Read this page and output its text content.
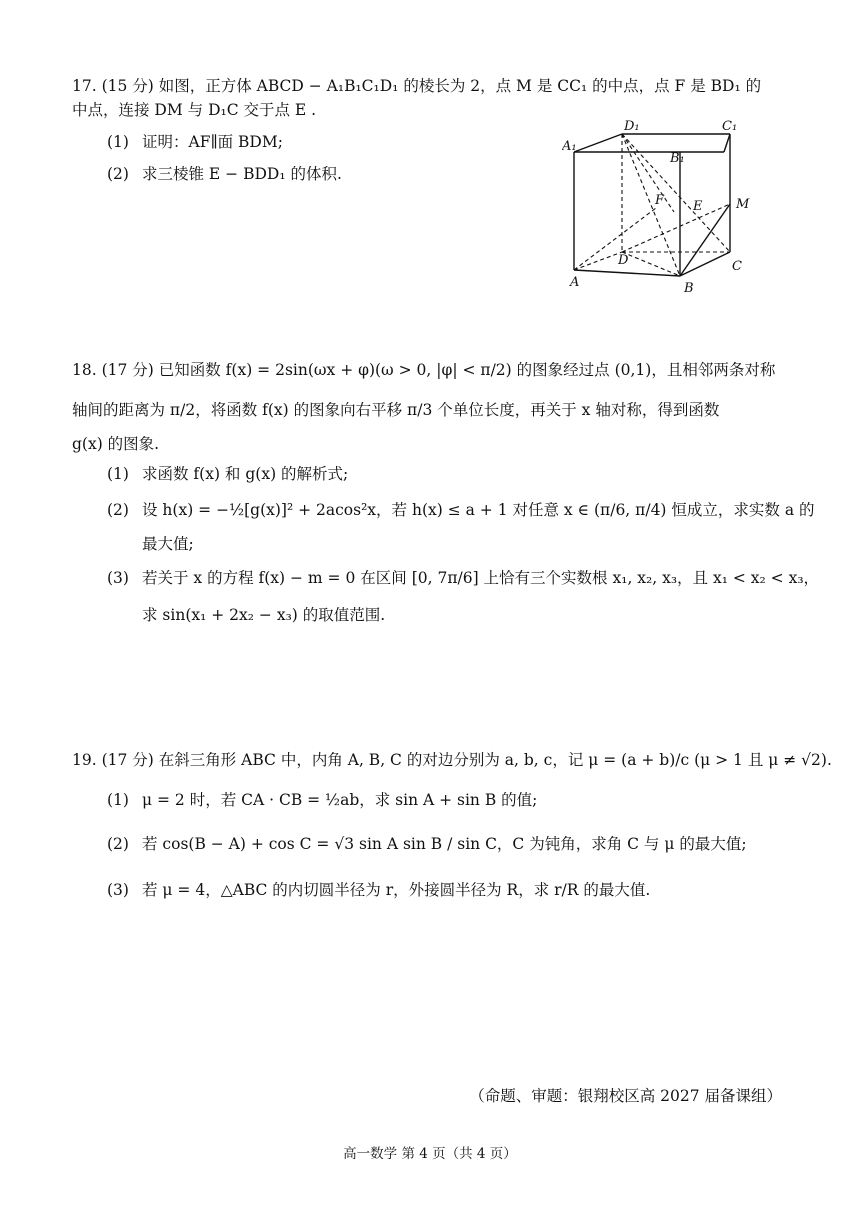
17. (15 分) 如图，正方体 ABCD − A₁B₁C₁D₁ 的棱长为 2，点 M 是 CC₁ 的中点，点 F 是 BD₁ 的
中点，连接 DM 与 D₁C 交于点 E .
(1) 证明：AF∥面 BDM;
(2) 求三棱锥 E − BDD₁ 的体积.
A₁
D₁	C₁
B₁
F E	M
D	C
A	B
18. (17 分) 已知函数 f(x) = 2sin(ωx + φ)(ω > 0, |φ| < π/2) 的图象经过点 (0,1)，且相邻两条对称
轴间的距离为 π/2，将函数 f(x) 的图象向右平移 π/3 个单位长度，再关于 x 轴对称，得到函数
g(x) 的图象.
(1) 求函数 f(x) 和 g(x) 的解析式;
(2) 设 h(x) = −½[g(x)]² + 2acos²x，若 h(x) ≤ a + 1 对任意 x ∈ (π/6, π/4) 恒成立，求实数 a 的
最大值;
(3) 若关于 x 的方程 f(x) − m = 0 在区间 [0, 7π/6] 上恰有三个实数根 x₁, x₂, x₃，且 x₁ < x₂ < x₃，
求 sin(x₁ + 2x₂ − x₃) 的取值范围.
19. (17 分) 在斜三角形 ABC 中，内角 A, B, C 的对边分别为 a, b, c，记 μ = (a + b)/c (μ > 1 且 μ ≠ √2).
(1) μ = 2 时，若 CA · CB = ½ab，求 sin A + sin B 的值;
(2) 若 cos(B − A) + cos C = √3 sin A sin B / sin C，C 为钝角，求角 C 与 μ 的最大值;
(3) 若 μ = 4，△ABC 的内切圆半径为 r，外接圆半径为 R，求 r/R 的最大值.
（命题、审题：银翔校区高 2027 届备课组）
高一数学 第 4 页（共 4 页）
